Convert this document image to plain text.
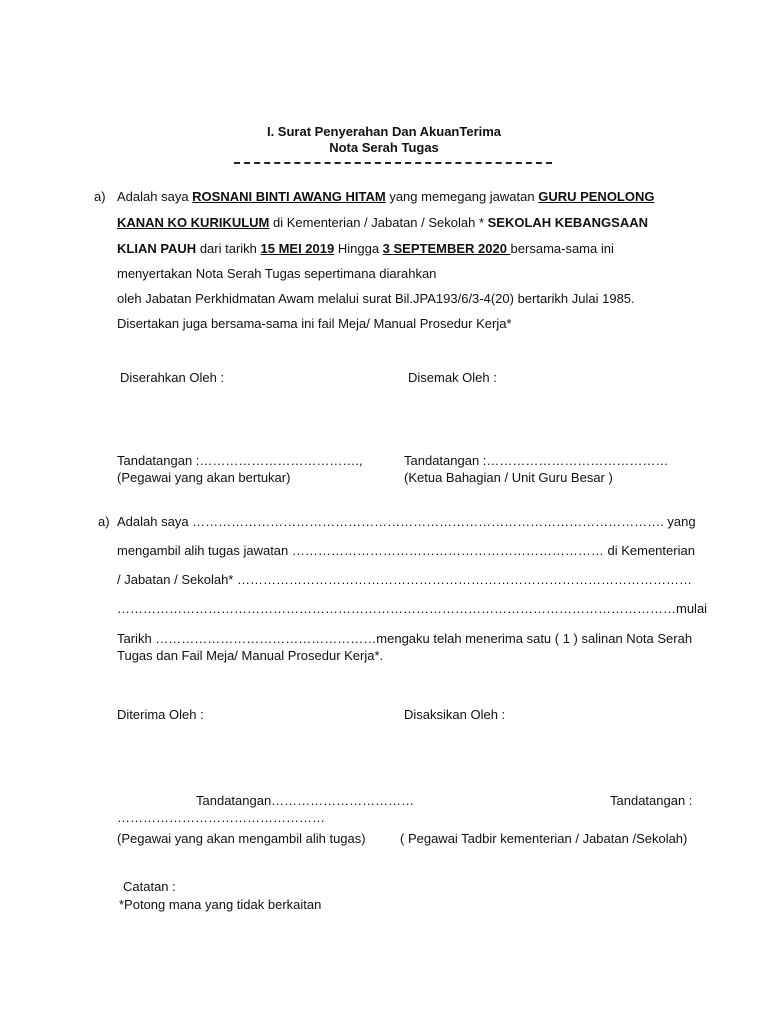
I. Surat Penyerahan Dan AkuanTerima
Nota Serah Tugas
a) Adalah saya ROSNANI BINTI AWANG HITAM yang memegang jawatan GURU PENOLONG
KANAN KO KURIKULUM di Kementerian / Jabatan / Sekolah * SEKOLAH KEBANGSAAN
KLIAN PAUH dari tarikh 15 MEI 2019 Hingga 3 SEPTEMBER 2020 bersama-sama ini
menyertakan Nota Serah Tugas sepertimana diarahkan
oleh Jabatan Perkhidmatan Awam melalui surat Bil.JPA193/6/3-4(20) bertarikh Julai 1985.
Disertakan juga bersama-sama ini fail Meja/ Manual Prosedur Kerja*
Diserahkan Oleh :	Disemak Oleh :
Tandatangan :……………………………….,	Tandatangan :……………………………………
(Pegawai yang akan bertukar)	(Ketua Bahagian / Unit Guru Besar )
a) Adalah saya ………………………………………………………………………………………………. yang
mengambil alih tugas jawatan ……………………………………………………………… di Kementerian
/ Jabatan / Sekolah* ……………………………………………………………………………………………
…………………………………………………………………………………………………………………mulai
Tarikh ……………………………………………mengaku telah menerima satu ( 1 ) salinan Nota Serah
Tugas dan Fail Meja/ Manual Prosedur Kerja*.
Diterima Oleh :	Disaksikan Oleh :
Tandatangan……………………………	Tandatangan :
…………………………………………
(Pegawai yang akan mengambil alih tugas)	( Pegawai Tadbir kementerian / Jabatan /Sekolah)
Catatan :
*Potong mana yang tidak berkaitan
